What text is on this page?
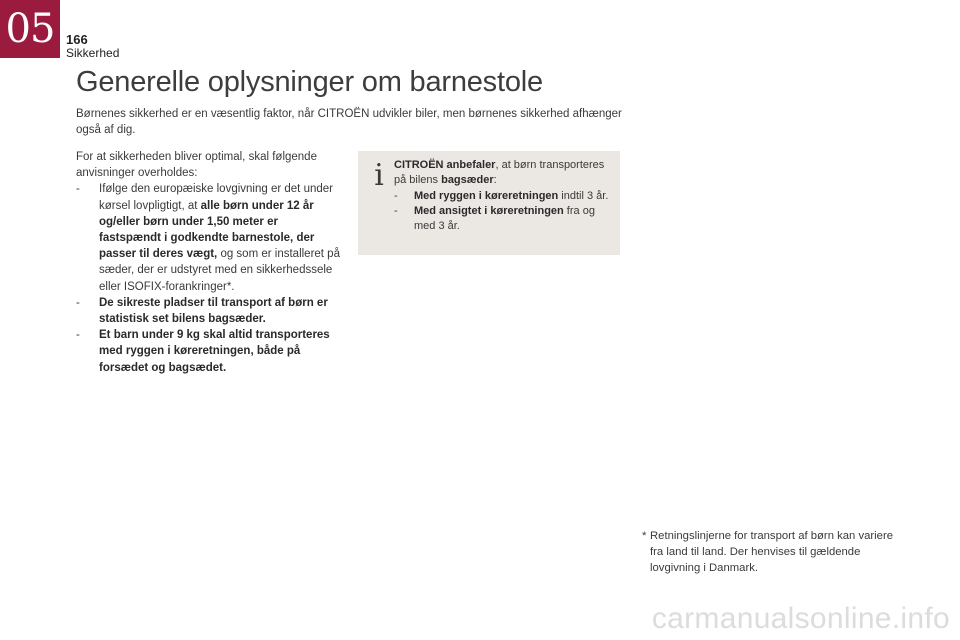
05 166
Sikkerhed
Generelle oplysninger om barnestole

Børnenes sikkerhed er en væsentlig faktor, når CITROËN udvikler biler, men børnenes sikkerhed afhænger også af dig.

For at sikkerheden bliver optimal, skal følgende anvisninger overholdes:

-	Ifølge den europæiske lovgivning er det under kørsel lovpligtigt, at alle børn under 12 år og/eller børn under 1,50 meter er fastspændt i godkendte barnestole, der passer til deres vægt, og som er installeret på sæder, der er udstyret med en sikkerhedssele eller ISOFIX-forankringer*.
-	De sikreste pladser til transport af børn er statistisk set bilens bagsæder.
-	Et barn under 9 kg skal altid transporteres med ryggen i køreretningen, både på forsædet og bagsædet.
i CITROËN anbefaler, at børn transporteres på bilens bagsæder:

-	Med ryggen i køreretningen indtil 3 år.
-	Med ansigtet i køreretningen fra og med 3 år.
* Retningslinjerne for transport af børn kan variere fra land til land. Der henvises til gældende lovgivning i Danmark.
carmanualsonline.info
